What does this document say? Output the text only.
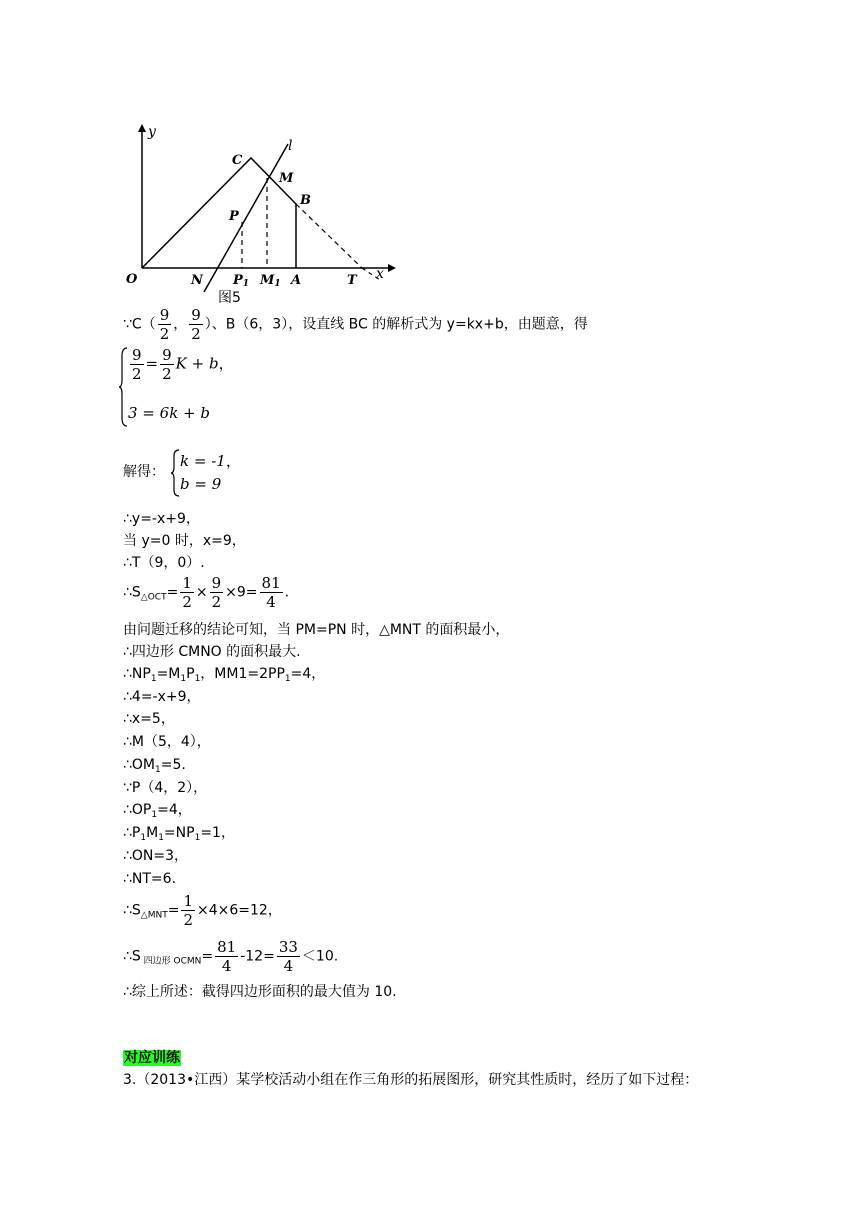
y
x
O
C
l
M
B
P
N P1 M1 A	T
图5
∵C（ $\frac{9}{2}$ ， $\frac{9}{2}$ ）、B（6，3），设直线 BC 的解析式为 y=kx+b，由题意，得
$\frac{9}{2} = \frac{9}{2}$ K + b，
3 = 6k + b
解得：
k = -1，
b = 9
∴y=-x+9，
当 y=0 时，x=9，
∴T（9，0）.
$\therefore S_{\triangle OCT}= \frac{1}{2} \times \frac{9}{2} \times 9= \frac{81}{4}$ .
由问题迁移的结论可知，当 PM=PN 时，△MNT 的面积最小，
∴四边形 CMNO 的面积最大.
$\therefore NP_1=M_1P_1$，$MM1=2PP_1=4$，
∴4=-x+9，
∴x=5，
∴M（5，4），
$\therefore OM_1=5$.
∵P（4，2），
$\therefore OP_1=4$，
$\therefore P_1M_1=NP_1=1$，
∴ON=3，
∴NT=6.
$\therefore S_{\triangle MNT}= \frac{1}{2} \times 4\times 6=12$，
∴S $_{四边形 OCMN}= \frac{81}{4} -12= \frac{33}{4} <10$.
∴综上所述：截得四边形面积的最大值为 10.
对应训练
3.（2013•江西）某学校活动小组在作三角形的拓展图形，研究其性质时，经历了如下过程：
